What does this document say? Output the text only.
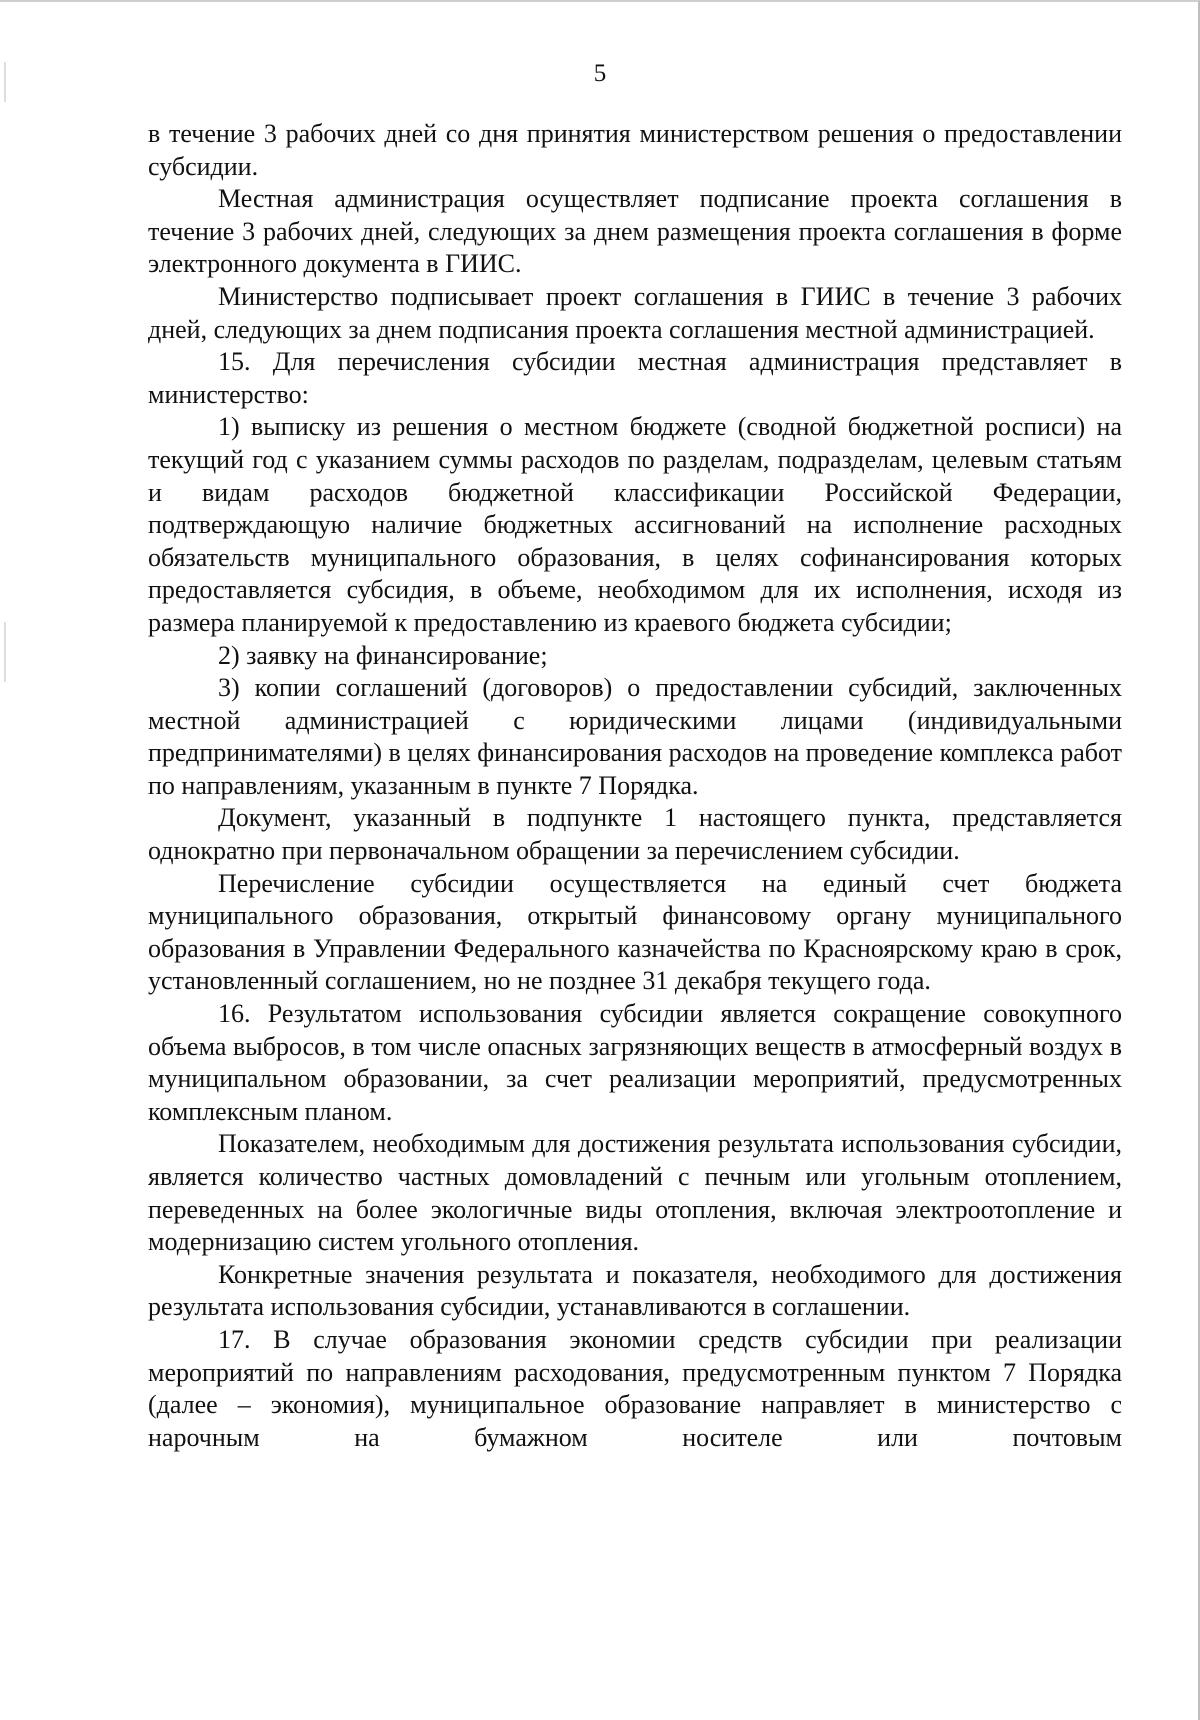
5

в течение 3 рабочих дней со дня принятия министерством решения о предоставлении субсидии.

Местная администрация осуществляет подписание проекта соглашения в течение 3 рабочих дней, следующих за днем размещения проекта соглашения в форме электронного документа в ГИИС.

Министерство подписывает проект соглашения в ГИИС в течение 3 рабочих дней, следующих за днем подписания проекта соглашения местной администрацией.

15. Для перечисления субсидии местная администрация представляет в министерство:

1) выписку из решения о местном бюджете (сводной бюджетной росписи) на текущий год с указанием суммы расходов по разделам, подразделам, целевым статьям и видам расходов бюджетной классификации Российской Федерации, подтверждающую наличие бюджетных ассигнований на исполнение расходных обязательств муниципального образования, в целях софинансирования которых предоставляется субсидия, в объеме, необходимом для их исполнения, исходя из размера планируемой к предоставлению из краевого бюджета субсидии;

2) заявку на финансирование;

3) копии соглашений (договоров) о предоставлении субсидий, заключенных местной администрацией с юридическими лицами (индивидуальными предпринимателями) в целях финансирования расходов на проведение комплекса работ по направлениям, указанным в пункте 7 Порядка.

Документ, указанный в подпункте 1 настоящего пункта, представляется однократно при первоначальном обращении за перечислением субсидии.

Перечисление субсидии осуществляется на единый счет бюджета муниципального образования, открытый финансовому органу муниципального образования в Управлении Федерального казначейства по Красноярскому краю в срок, установленный соглашением, но не позднее 31 декабря текущего года.

16. Результатом использования субсидии является сокращение совокупного объема выбросов, в том числе опасных загрязняющих веществ в атмосферный воздух в муниципальном образовании, за счет реализации мероприятий, предусмотренных комплексным планом.

Показателем, необходимым для достижения результата использования субсидии, является количество частных домовладений с печным или угольным отоплением, переведенных на более экологичные виды отопления, включая электроотопление и модернизацию систем угольного отопления.

Конкретные значения результата и показателя, необходимого для достижения результата использования субсидии, устанавливаются в соглашении.

17. В случае образования экономии средств субсидии при реализации мероприятий по направлениям расходования, предусмотренным пунктом 7 Порядка (далее – экономия), муниципальное образование направляет в министерство с нарочным на бумажном носителе или почтовым
